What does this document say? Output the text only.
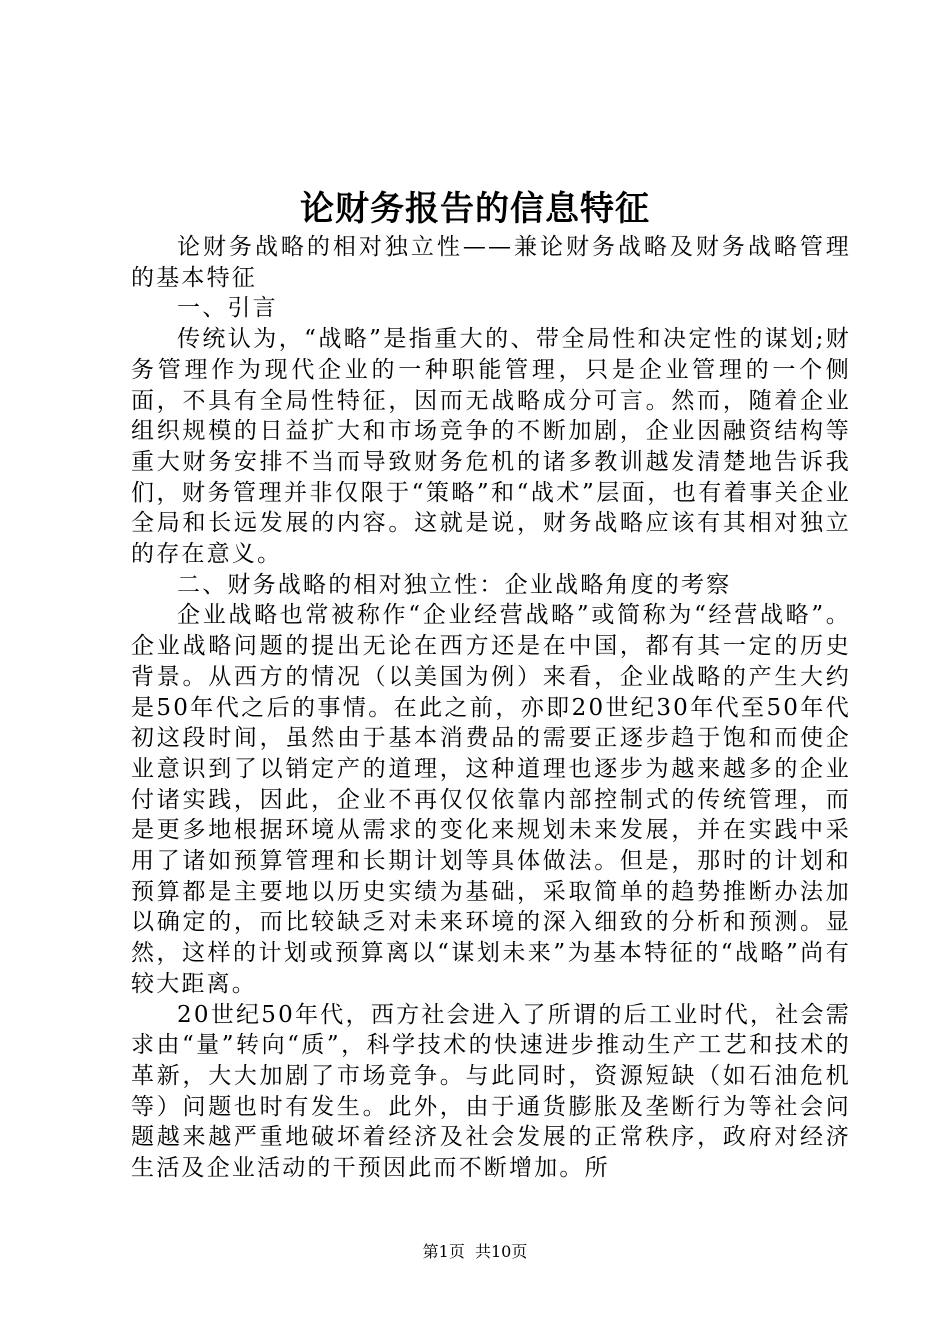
论财务报告的信息特征

论财务战略的相对独立性——兼论财务战略及财务战略管理的基本特征

一、引言

传统认为，“战略”是指重大的、带全局性和决定性的谋划;财务管理作为现代企业的一种职能管理，只是企业管理的一个侧面，不具有全局性特征，因而无战略成分可言。然而，随着企业组织规模的日益扩大和市场竞争的不断加剧，企业因融资结构等重大财务安排不当而导致财务危机的诸多教训越发清楚地告诉我们，财务管理并非仅限于“策略”和“战术”层面，也有着事关企业全局和长远发展的内容。这就是说，财务战略应该有其相对独立的存在意义。

二、财务战略的相对独立性：企业战略角度的考察

企业战略也常被称作“企业经营战略”或简称为“经营战略”。企业战略问题的提出无论在西方还是在中国，都有其一定的历史背景。从西方的情况（以美国为例）来看，企业战略的产生大约是50年代之后的事情。在此之前，亦即20世纪30年代至50年代初这段时间，虽然由于基本消费品的需要正逐步趋于饱和而使企业意识到了以销定产的道理，这种道理也逐步为越来越多的企业付诸实践，因此，企业不再仅仅依靠内部控制式的传统管理，而是更多地根据环境从需求的变化来规划未来发展，并在实践中采用了诸如预算管理和长期计划等具体做法。但是，那时的计划和预算都是主要地以历史实绩为基础，采取简单的趋势推断办法加以确定的，而比较缺乏对未来环境的深入细致的分析和预测。显然，这样的计划或预算离以“谋划未来”为基本特征的“战略”尚有较大距离。

20世纪50年代，西方社会进入了所谓的后工业时代，社会需求由“量”转向“质”，科学技术的快速进步推动生产工艺和技术的革新，大大加剧了市场竞争。与此同时，资源短缺（如石油危机等）问题也时有发生。此外，由于通货膨胀及垄断行为等社会问题越来越严重地破坏着经济及社会发展的正常秩序，政府对经济生活及企业活动的干预因此而不断增加。所

第1页  共10页
